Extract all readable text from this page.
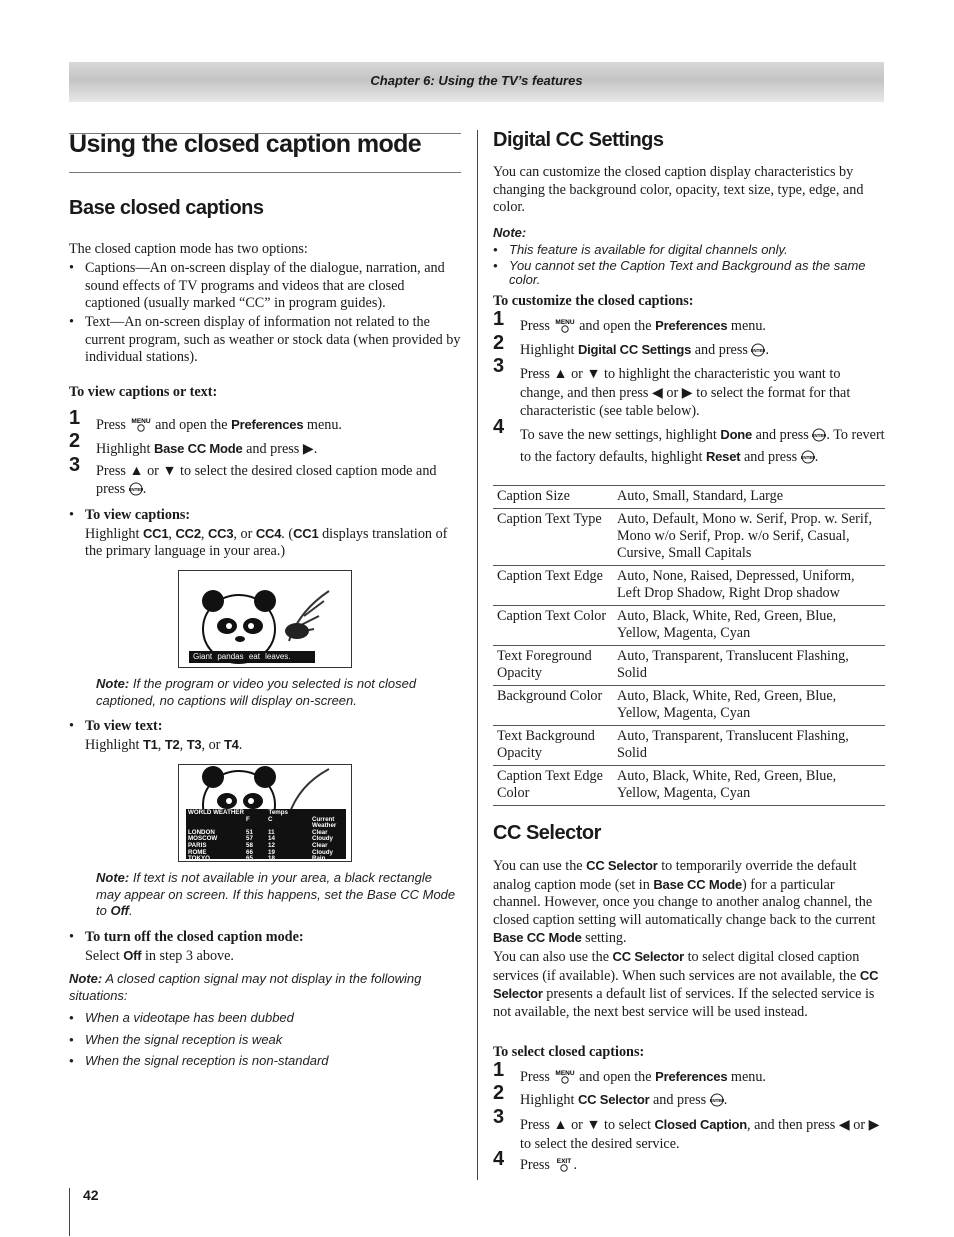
Chapter 6: Using the TV’s features
Using the closed caption mode
Base closed captions

The closed caption mode has two options:

• Captions—An on-screen display of the dialogue, narration, and sound effects of TV programs and videos that are closed captioned (usually marked “CC” in program guides).

• Text—An on-screen display of information not related to the current program, such as weather or stock data (when provided by individual stations).

To view captions or text:

1 Press MENU and open the Preferences menu.

2 Highlight Base CC Mode and press ▶.

3 Press ▲ or ▼ to select the desired closed caption mode and press ENTER .

• To view captions:
Highlight CC1, CC2, CC3, or CC4. (CC1 displays translation of the primary language in your area.)

Giant pandas eat leaves.

Note: If the program or video you selected is not closed captioned, no captions will display on-screen.

• To view text:
Highlight T1, T2, T3, or T4.

WORLD WEATHER	Temps
F	C	Current Weather
LONDON	51	11	Clear
MOSCOW	57	14	Cloudy
PARIS	58	12	Clear
ROME	66	19	Cloudy
TOKYO	65	18	Rain

Note: If text is not available in your area, a black rectangle may appear on screen. If this happens, set the Base CC Mode to Off.

• To turn off the closed caption mode:
Select Off in step 3 above.

Note: A closed caption signal may not display in the following situations:

• When a videotape has been dubbed

• When the signal reception is weak

• When the signal reception is non-standard

Digital CC Settings

You can customize the closed caption display characteristics by changing the background color, opacity, text size, type, edge, and color.

Note:

• This feature is available for digital channels only.

• You cannot set the Caption Text and Background as the same color.

To customize the closed captions:

1 Press MENU and open the Preferences menu.

2 Highlight Digital CC Settings and press ENTER .

3 Press ▲ or ▼ to highlight the characteristic you want to change, and then press ◀ or ▶ to select the format for that characteristic (see table below).

4 To save the new settings, highlight Done and press ENTER . To revert to the factory defaults, highlight Reset and press ENTER .

Caption Size	Auto, Small, Standard, Large
Caption Text Type	Auto, Default, Mono w. Serif, Prop. w. Serif, Mono w/o Serif, Prop. w/o Serif, Casual, Cursive, Small Capitals
Caption Text Edge	Auto, None, Raised, Depressed, Uniform, Left Drop Shadow, Right Drop shadow
Caption Text Color	Auto, Black, White, Red, Green, Blue, Yellow, Magenta, Cyan
Text Foreground Opacity	Auto, Transparent, Translucent Flashing, Solid
Background Color	Auto, Black, White, Red, Green, Blue, Yellow, Magenta, Cyan
Text Background Opacity	Auto, Transparent, Translucent Flashing, Solid
Caption Text Edge Color	Auto, Black, White, Red, Green, Blue, Yellow, Magenta, Cyan
CC Selector

You can use the CC Selector to temporarily override the default analog caption mode (set in Base CC Mode) for a particular channel. However, once you change to another analog channel, the closed caption setting will automatically change back to the current Base CC Mode setting.

You can also use the CC Selector to select digital closed caption services (if available). When such services are not available, the CC Selector presents a default list of services. If the selected service is not available, the next best service will be used instead.

To select closed captions:

1 Press MENU and open the Preferences menu.

2 Highlight CC Selector and press ENTER .

3 Press ▲ or ▼ to select Closed Caption, and then press ◀ or ▶ to select the desired service.

4 Press EXIT .

42
